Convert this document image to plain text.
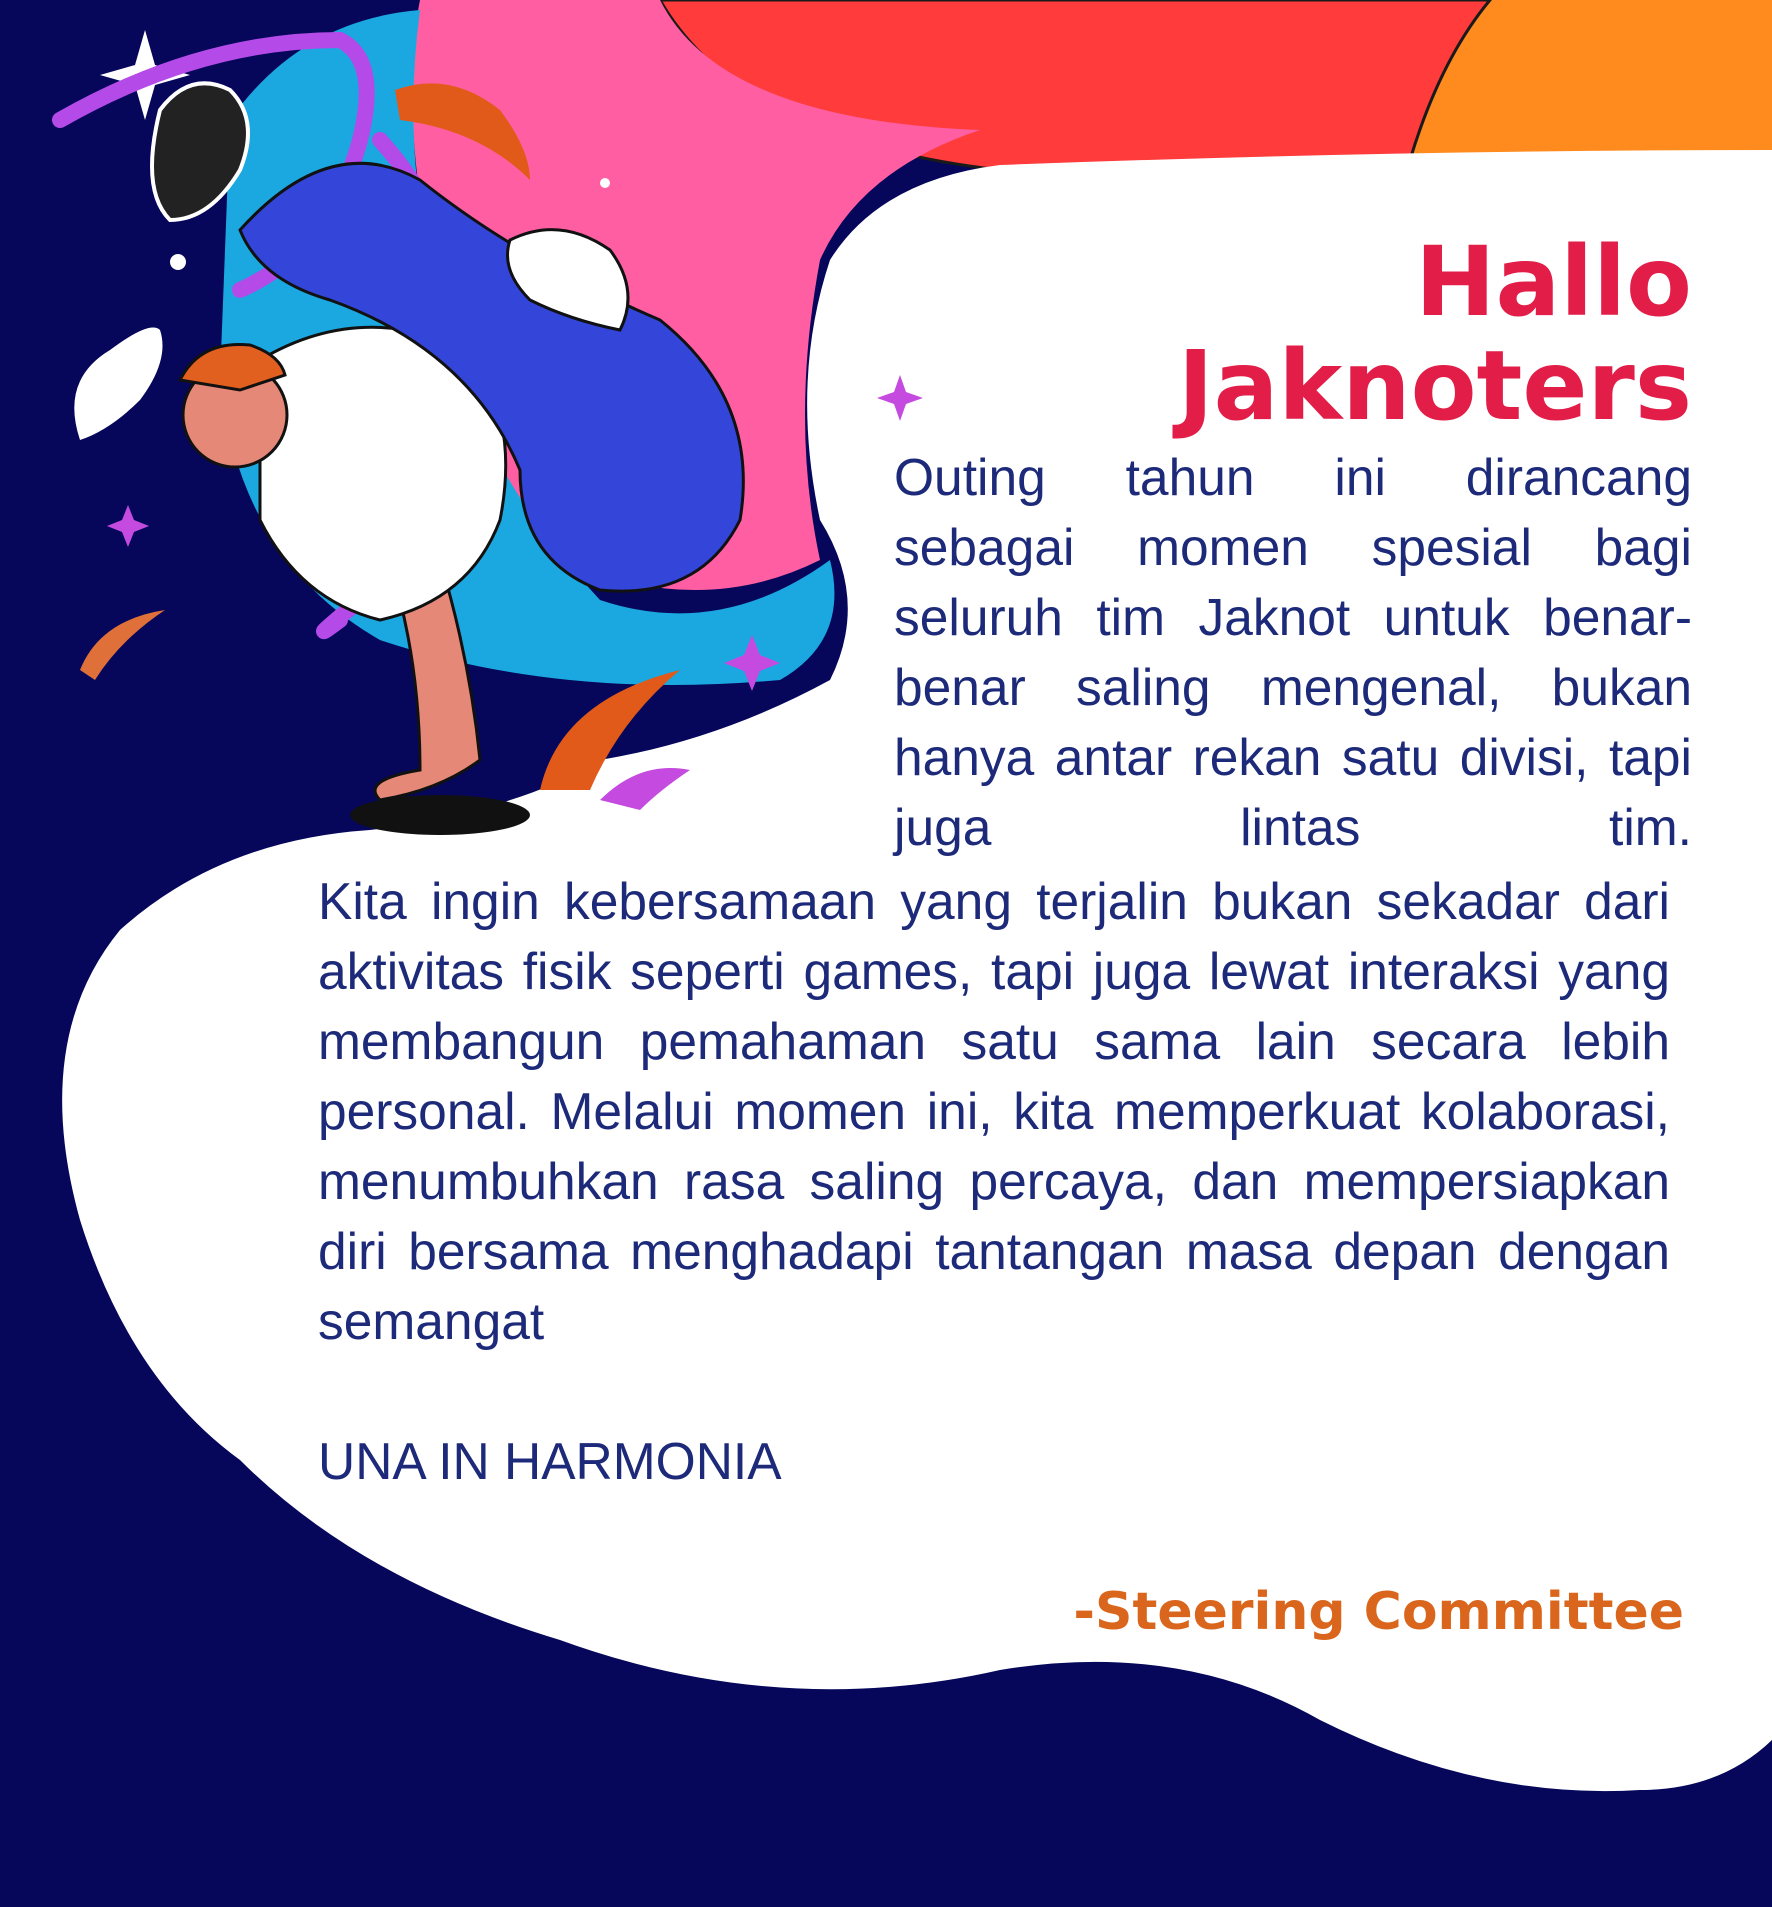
Hallo
Jaknoters

Outing tahun ini dirancang sebagai momen spesial bagi seluruh tim Jaknot untuk benar-benar saling mengenal, bukan hanya antar rekan satu divisi, tapi juga lintas tim.

Kita ingin kebersamaan yang terjalin bukan sekadar dari aktivitas fisik seperti games, tapi juga lewat interaksi yang membangun pemahaman satu sama lain secara lebih personal. Melalui momen ini, kita memperkuat kolaborasi, menumbuhkan rasa saling percaya, dan mempersiapkan diri bersama menghadapi tantangan masa depan dengan semangat

UNA IN HARMONIA

-Steering Committee
